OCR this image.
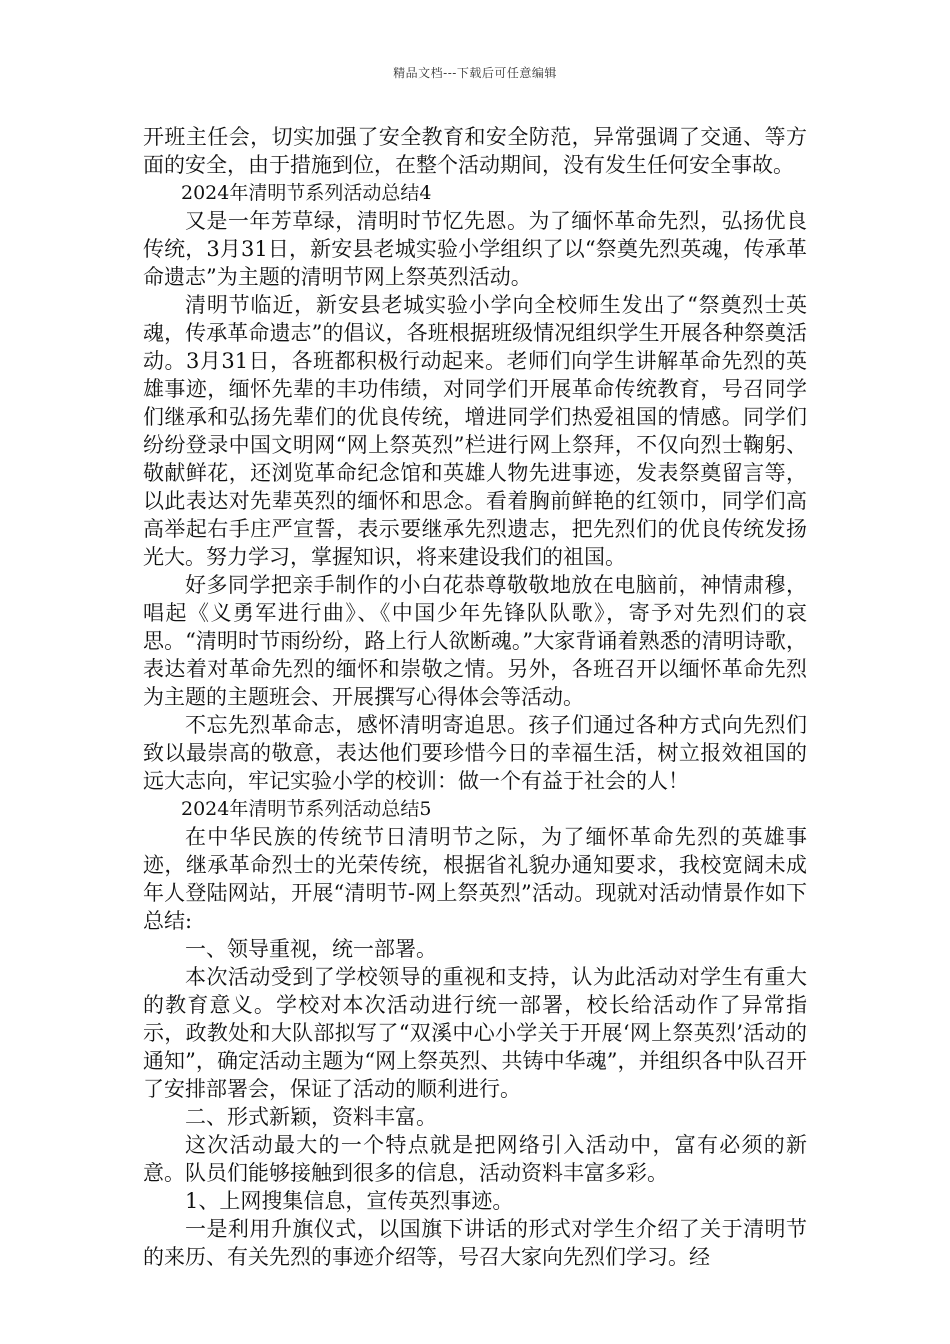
精品文档---下载后可任意编辑

开班主任会，切实加强了安全教育和安全防范，异常强调了交通、等方面的安全，由于措施到位，在整个活动期间，没有发生任何安全事故。

2024年清明节系列活动总结4

又是一年芳草绿，清明时节忆先恩。为了缅怀革命先烈，弘扬优良传统，3月31日，新安县老城实验小学组织了以“祭奠先烈英魂，传承革命遗志”为主题的清明节网上祭英烈活动。

清明节临近，新安县老城实验小学向全校师生发出了“祭奠烈士英魂，传承革命遗志”的倡议，各班根据班级情况组织学生开展各种祭奠活动。3月31日，各班都积极行动起来。老师们向学生讲解革命先烈的英雄事迹，缅怀先辈的丰功伟绩，对同学们开展革命传统教育，号召同学们继承和弘扬先辈们的优良传统，增进同学们热爱祖国的情感。同学们纷纷登录中国文明网“网上祭英烈”栏进行网上祭拜，不仅向烈士鞠躬、敬献鲜花，还浏览革命纪念馆和英雄人物先进事迹，发表祭奠留言等，以此表达对先辈英烈的缅怀和思念。看着胸前鲜艳的红领巾，同学们高高举起右手庄严宣誓，表示要继承先烈遗志，把先烈们的优良传统发扬光大。努力学习，掌握知识，将来建设我们的祖国。

好多同学把亲手制作的小白花恭尊敬敬地放在电脑前，神情肃穆，唱起《义勇军进行曲》、《中国少年先锋队队歌》，寄予对先烈们的哀思。“清明时节雨纷纷，路上行人欲断魂。”大家背诵着熟悉的清明诗歌，表达着对革命先烈的缅怀和崇敬之情。另外，各班召开以缅怀革命先烈为主题的主题班会、开展撰写心得体会等活动。

不忘先烈革命志，感怀清明寄追思。孩子们通过各种方式向先烈们致以最崇高的敬意，表达他们要珍惜今日的幸福生活，树立报效祖国的远大志向，牢记实验小学的校训：做一个有益于社会的人！

2024年清明节系列活动总结5

在中华民族的传统节日清明节之际，为了缅怀革命先烈的英雄事迹，继承革命烈士的光荣传统，根据省礼貌办通知要求，我校宽阔未成年人登陆网站，开展“清明节-网上祭英烈”活动。现就对活动情景作如下总结:

一、领导重视，统一部署。

本次活动受到了学校领导的重视和支持，认为此活动对学生有重大的教育意义。学校对本次活动进行统一部署，校长给活动作了异常指示，政教处和大队部拟写了“双溪中心小学关于开展‘网上祭英烈’活动的通知”，确定活动主题为“网上祭英烈、共铸中华魂”，并组织各中队召开了安排部署会，保证了活动的顺利进行。

二、形式新颖，资料丰富。

这次活动最大的一个特点就是把网络引入活动中，富有必须的新意。队员们能够接触到很多的信息，活动资料丰富多彩。

1、上网搜集信息，宣传英烈事迹。

一是利用升旗仪式，以国旗下讲话的形式对学生介绍了关于清明节的来历、有关先烈的事迹介绍等，号召大家向先烈们学习。经
